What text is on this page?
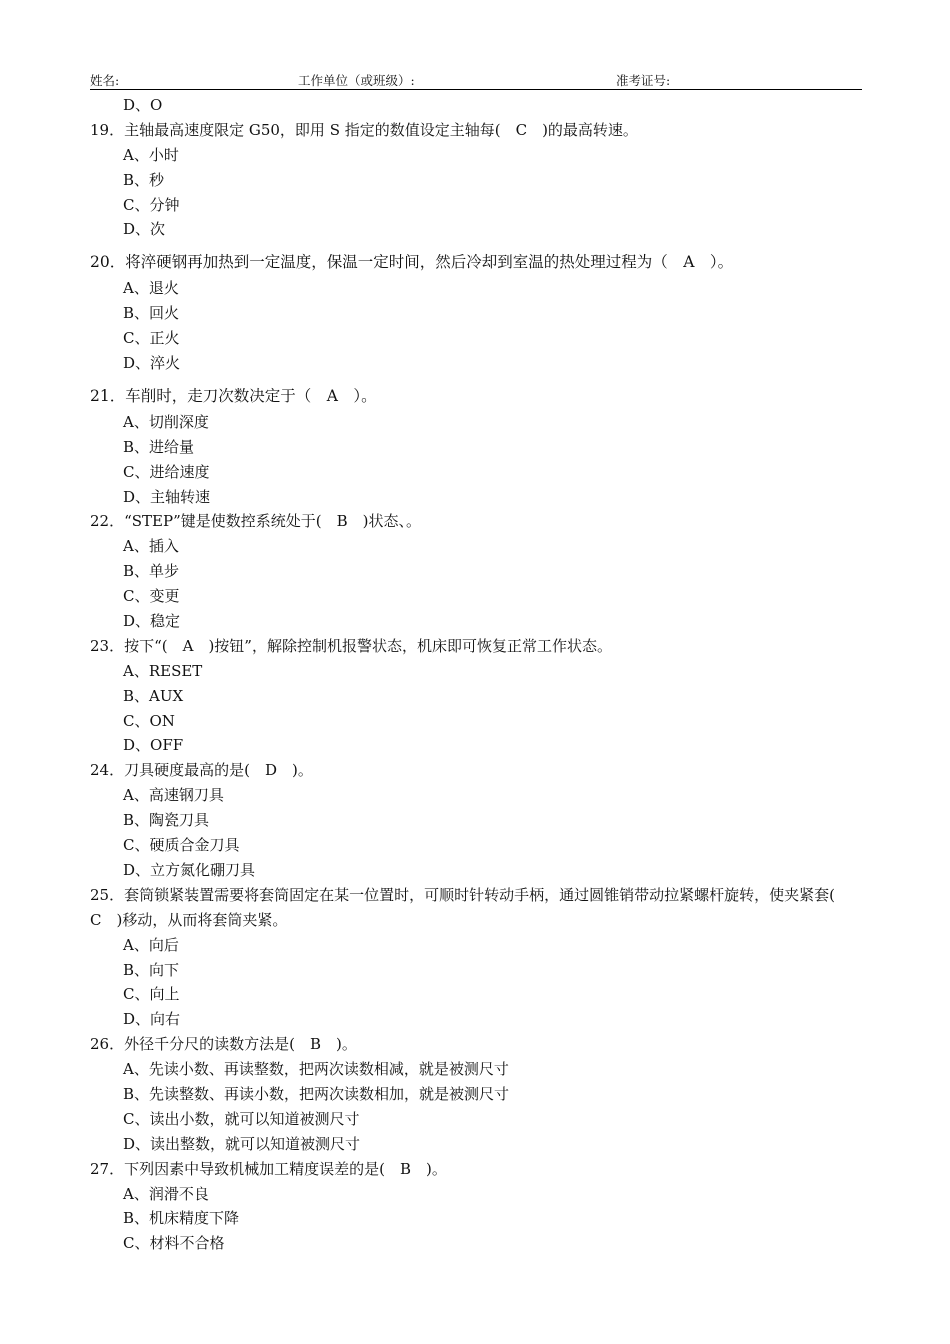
姓名:	工作单位（或班级）:	准考证号:
D、O
19．主轴最高速度限定 G50，即用 S 指定的数值设定主轴每(　C　)的最高转速。
A、小时
B、秒
C、分钟
D、次
20．将淬硬钢再加热到一定温度，保温一定时间，然后冷却到室温的热处理过程为（　A　）。
A、退火
B、回火
C、正火
D、淬火
21．车削时，走刀次数决定于（　A　）。
A、切削深度
B、进给量
C、进给速度
D、主轴转速
22．“STEP”键是使数控系统处于(　B　)状态、。
A、插入
B、单步
C、变更
D、稳定
23．按下“(　A　)按钮”，解除控制机报警状态，机床即可恢复正常工作状态。
A、RESET
B、AUX
C、ON
D、OFF
24．刀具硬度最高的是(　D　)。
A、高速钢刀具
B、陶瓷刀具
C、硬质合金刀具
D、立方氮化硼刀具
25．套筒锁紧装置需要将套筒固定在某一位置时，可顺时针转动手柄，通过圆锥销带动拉紧螺杆旋转，使夹紧套(　C　)移动，从而将套筒夹紧。
A、向后
B、向下
C、向上
D、向右
26．外径千分尺的读数方法是(　B　)。
A、先读小数、再读整数，把两次读数相减，就是被测尺寸
B、先读整数、再读小数，把两次读数相加，就是被测尺寸
C、读出小数，就可以知道被测尺寸
D、读出整数，就可以知道被测尺寸
27．下列因素中导致机械加工精度误差的是(　B　)。
A、润滑不良
B、机床精度下降
C、材料不合格
